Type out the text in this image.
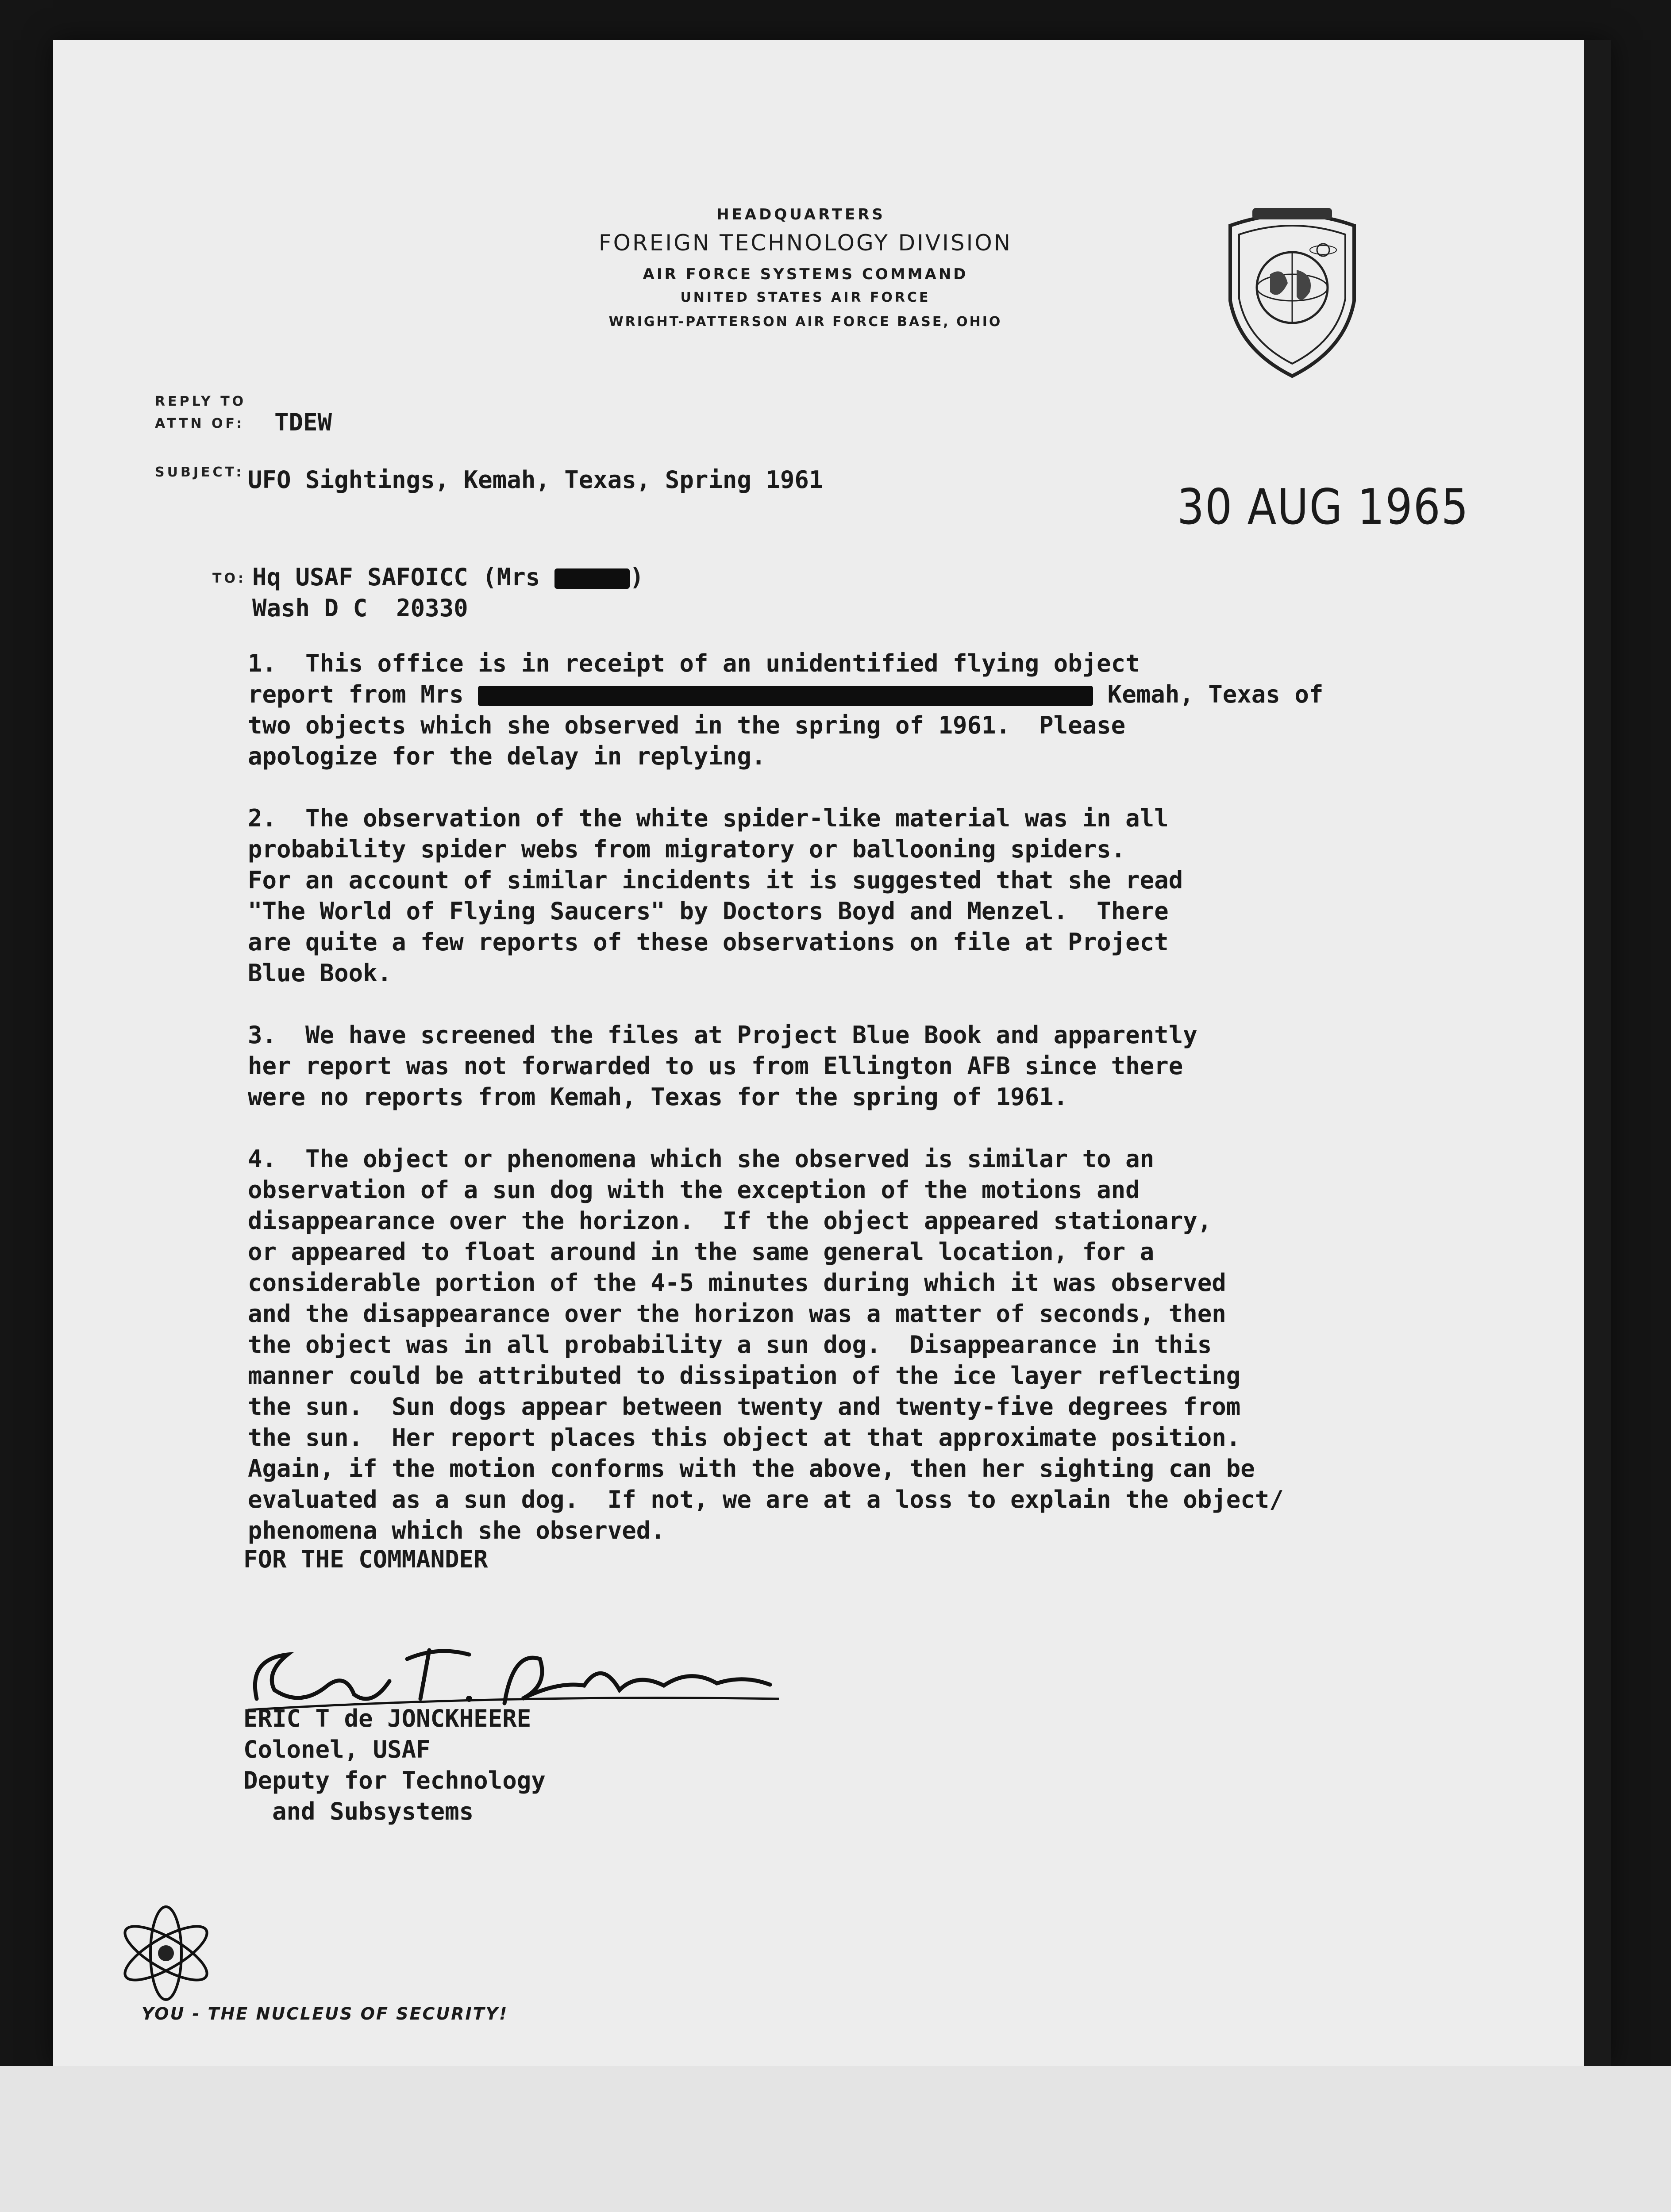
HEADQUARTERS
FOREIGN TECHNOLOGY DIVISION
AIR FORCE SYSTEMS COMMAND
UNITED STATES AIR FORCE
WRIGHT-PATTERSON AIR FORCE BASE, OHIO
REPLY TO
ATTN OF: TDEW
SUBJECT: UFO Sightings, Kemah, Texas, Spring 1961	30 AUG 1965
TO: Hq USAF SAFOICC (Mrs	)
Wash D C  20330

1.  This office is in receipt of an unidentified flying object

report from Mrs	Kemah, Texas of

two objects which she observed in the spring of 1961.  Please

apologize for the delay in replying.

2.  The observation of the white spider-like material was in all

probability spider webs from migratory or ballooning spiders.

For an account of similar incidents it is suggested that she read

"The World of Flying Saucers" by Doctors Boyd and Menzel.  There

are quite a few reports of these observations on file at Project

Blue Book.

3.  We have screened the files at Project Blue Book and apparently

her report was not forwarded to us from Ellington AFB since there

were no reports from Kemah, Texas for the spring of 1961.

4.  The object or phenomena which she observed is similar to an

observation of a sun dog with the exception of the motions and

disappearance over the horizon.  If the object appeared stationary,

or appeared to float around in the same general location, for a

considerable portion of the 4-5 minutes during which it was observed

and the disappearance over the horizon was a matter of seconds, then

the object was in all probability a sun dog.  Disappearance in this

manner could be attributed to dissipation of the ice layer reflecting

the sun.  Sun dogs appear between twenty and twenty-five degrees from

the sun.  Her report places this object at that approximate position.

Again, if the motion conforms with the above, then her sighting can be

evaluated as a sun dog.  If not, we are at a loss to explain the object/

phenomena which she observed.

FOR THE COMMANDER
ERIC T de JONCKHEERE
Colonel, USAF
Deputy for Technology
and Subsystems
YOU - THE NUCLEUS OF SECURITY!
